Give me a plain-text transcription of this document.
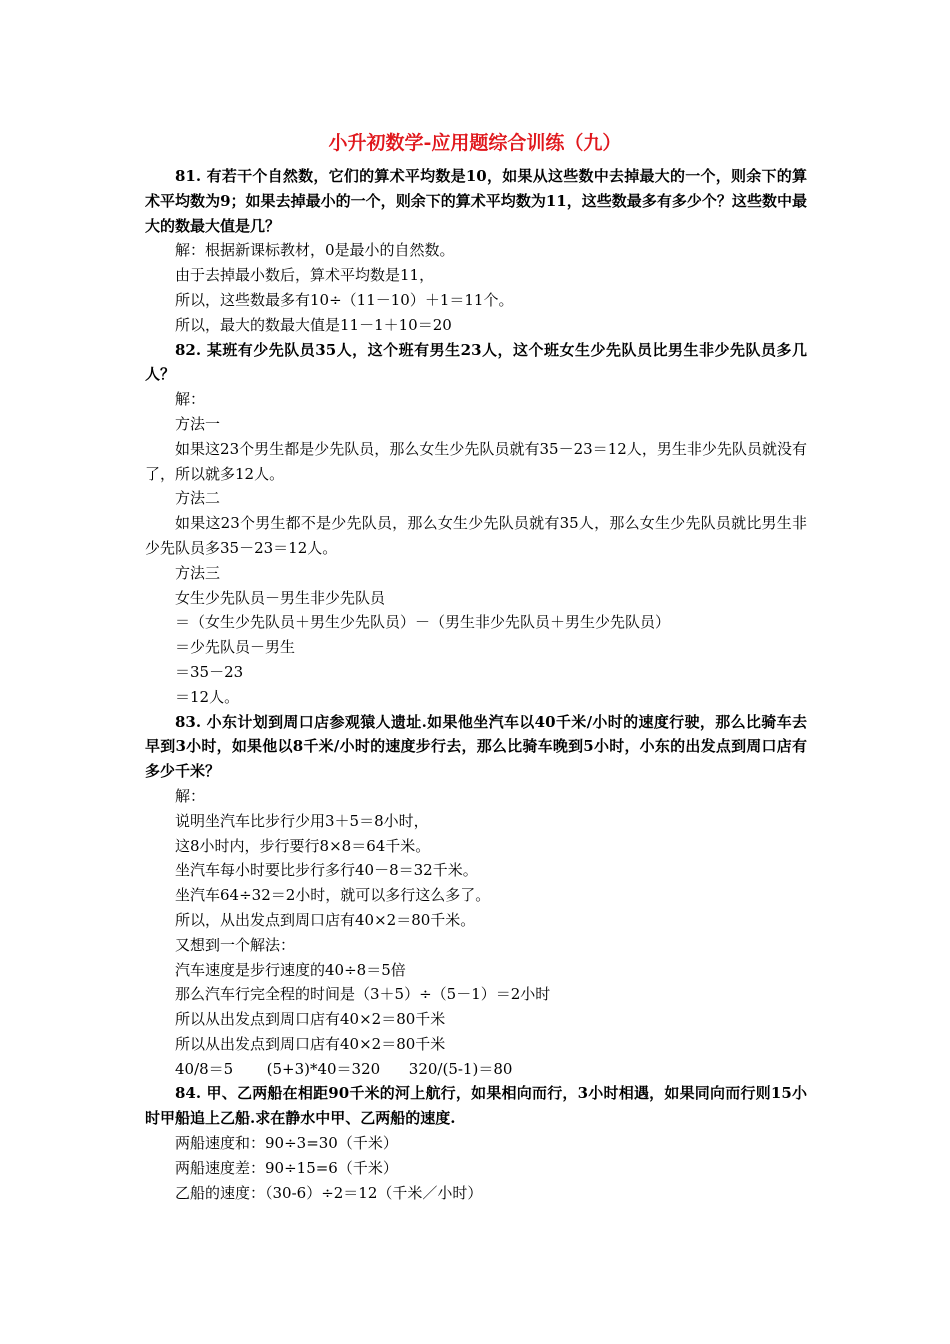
小升初数学-应用题综合训练（九）

81. 有若干个自然数，它们的算术平均数是10，如果从这些数中去掉最大的一个，则余下的算术平均数为9；如果去掉最小的一个，则余下的算术平均数为11，这些数最多有多少个？这些数中最大的数最大值是几？

解：根据新课标教材，0是最小的自然数。

由于去掉最小数后，算术平均数是11，

所以，这些数最多有10÷（11－10）＋1＝11个。

所以，最大的数最大值是11－1＋10＝20

82. 某班有少先队员35人，这个班有男生23人，这个班女生少先队员比男生非少先队员多几人？

解：

方法一

如果这23个男生都是少先队员，那么女生少先队员就有35－23＝12人，男生非少先队员就没有了，所以就多12人。

方法二

如果这23个男生都不是少先队员，那么女生少先队员就有35人，那么女生少先队员就比男生非少先队员多35－23＝12人。

方法三

女生少先队员－男生非少先队员

＝（女生少先队员＋男生少先队员）－（男生非少先队员＋男生少先队员）

＝少先队员－男生

＝35－23

＝12人。

83. 小东计划到周口店参观猿人遗址.如果他坐汽车以40千米/小时的速度行驶，那么比骑车去早到3小时，如果他以8千米/小时的速度步行去，那么比骑车晚到5小时，小东的出发点到周口店有多少千米？

解：

说明坐汽车比步行少用3＋5＝8小时，

这8小时内，步行要行8×8＝64千米。

坐汽车每小时要比步行多行40－8＝32千米。

坐汽车64÷32＝2小时，就可以多行这么多了。

所以，从出发点到周口店有40×2＝80千米。

又想到一个解法：

汽车速度是步行速度的40÷8＝5倍

那么汽车行完全程的时间是（3＋5）÷（5－1）＝2小时

所以从出发点到周口店有40×2＝80千米

所以从出发点到周口店有40×2＝80千米

40/8＝5       (5+3)*40＝320      320/(5-1)＝80

84. 甲、乙两船在相距90千米的河上航行，如果相向而行，3小时相遇，如果同向而行则15小时甲船追上乙船.求在静水中甲、乙两船的速度.

两船速度和：90÷3=30（千米）

两船速度差：90÷15=6（千米）

乙船的速度：（30-6）÷2＝12（千米／小时）
